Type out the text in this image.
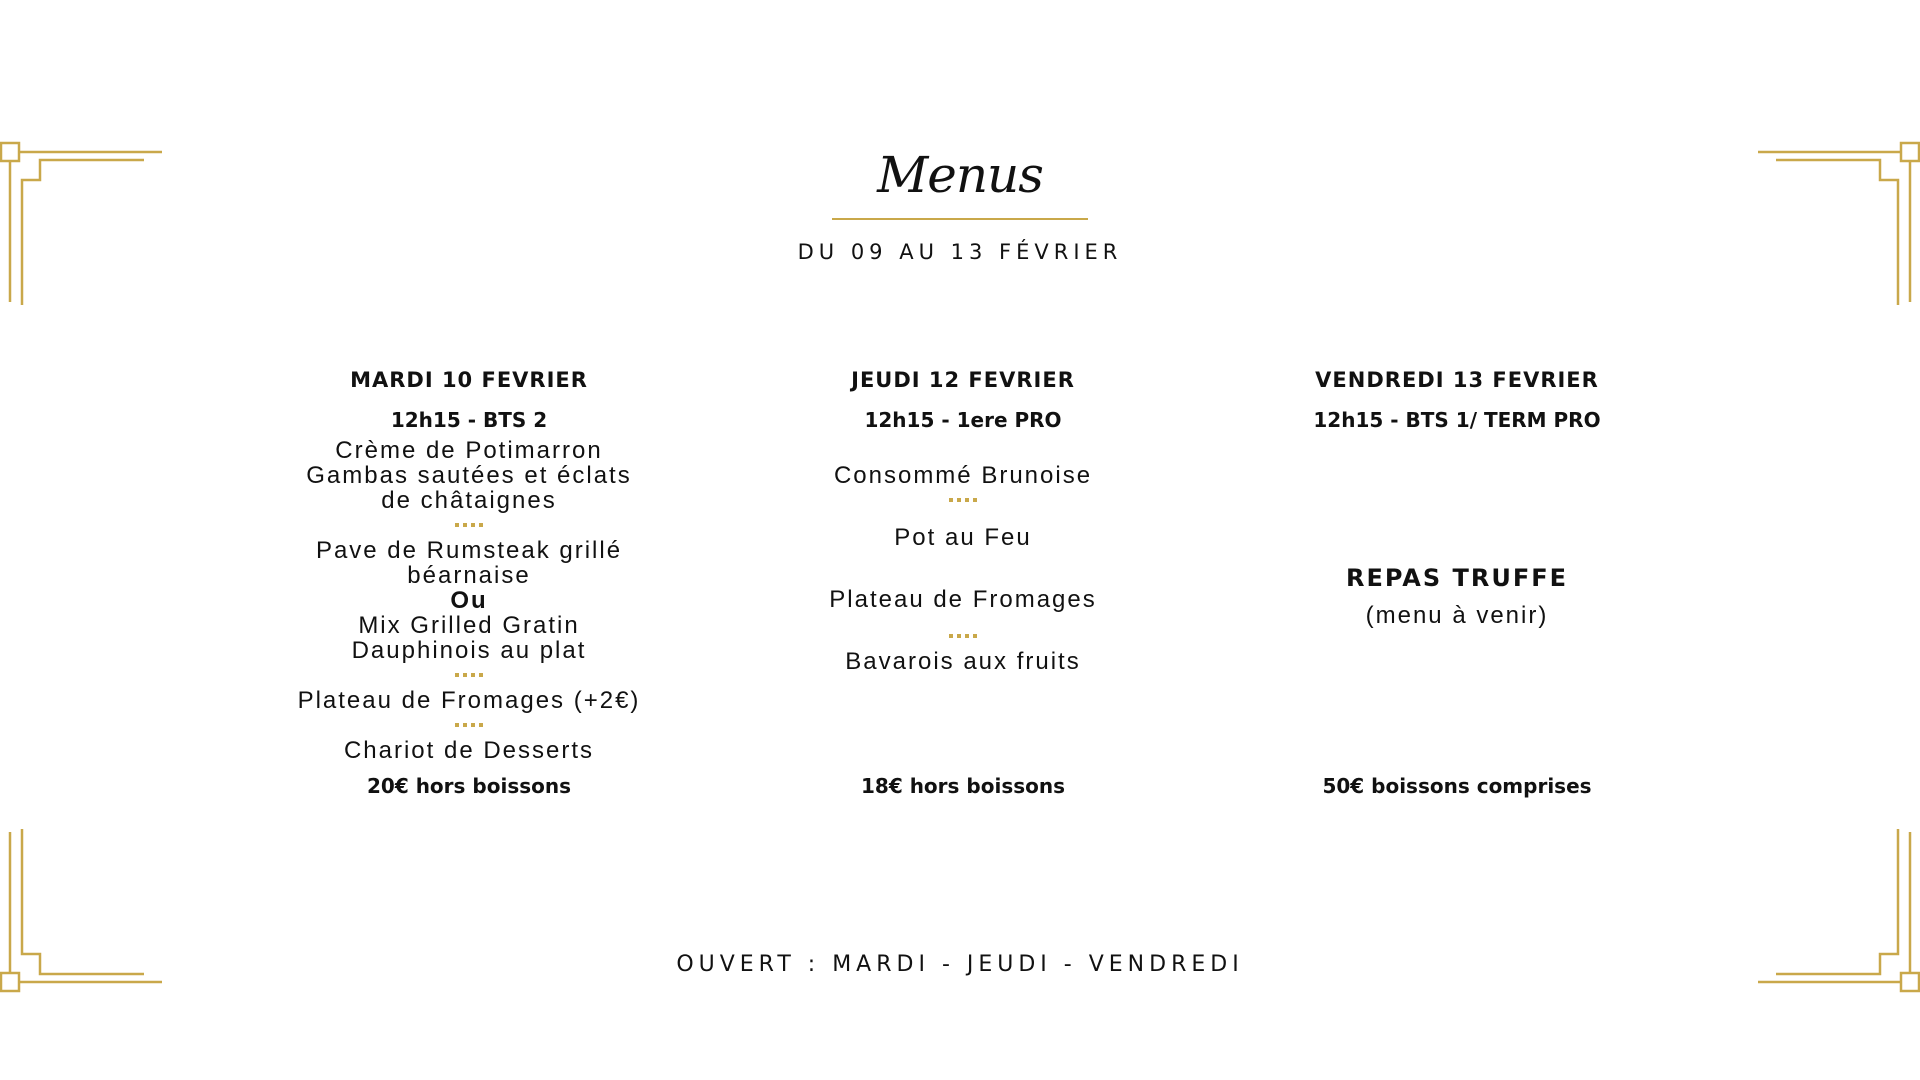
Menus
DU 09 AU 13 FÉVRIER
MARDI 10 FEVRIER
12h15 - BTS 2
Crème de Potimarron
Gambas sautées et éclats
de châtaignes
Pave de Rumsteak grillé
béarnaise
Ou
Mix Grilled Gratin
Dauphinois au plat
Plateau de Fromages (+2€)
Chariot de Desserts
20€ hors boissons
JEUDI 12 FEVRIER
12h15 - 1ere PRO
Consommé Brunoise
Pot au Feu
Plateau de Fromages
Bavarois aux fruits
18€ hors boissons
VENDREDI 13 FEVRIER
12h15 - BTS 1/ TERM PRO
REPAS TRUFFE
(menu à venir)
50€ boissons comprises
OUVERT : MARDI - JEUDI - VENDREDI
